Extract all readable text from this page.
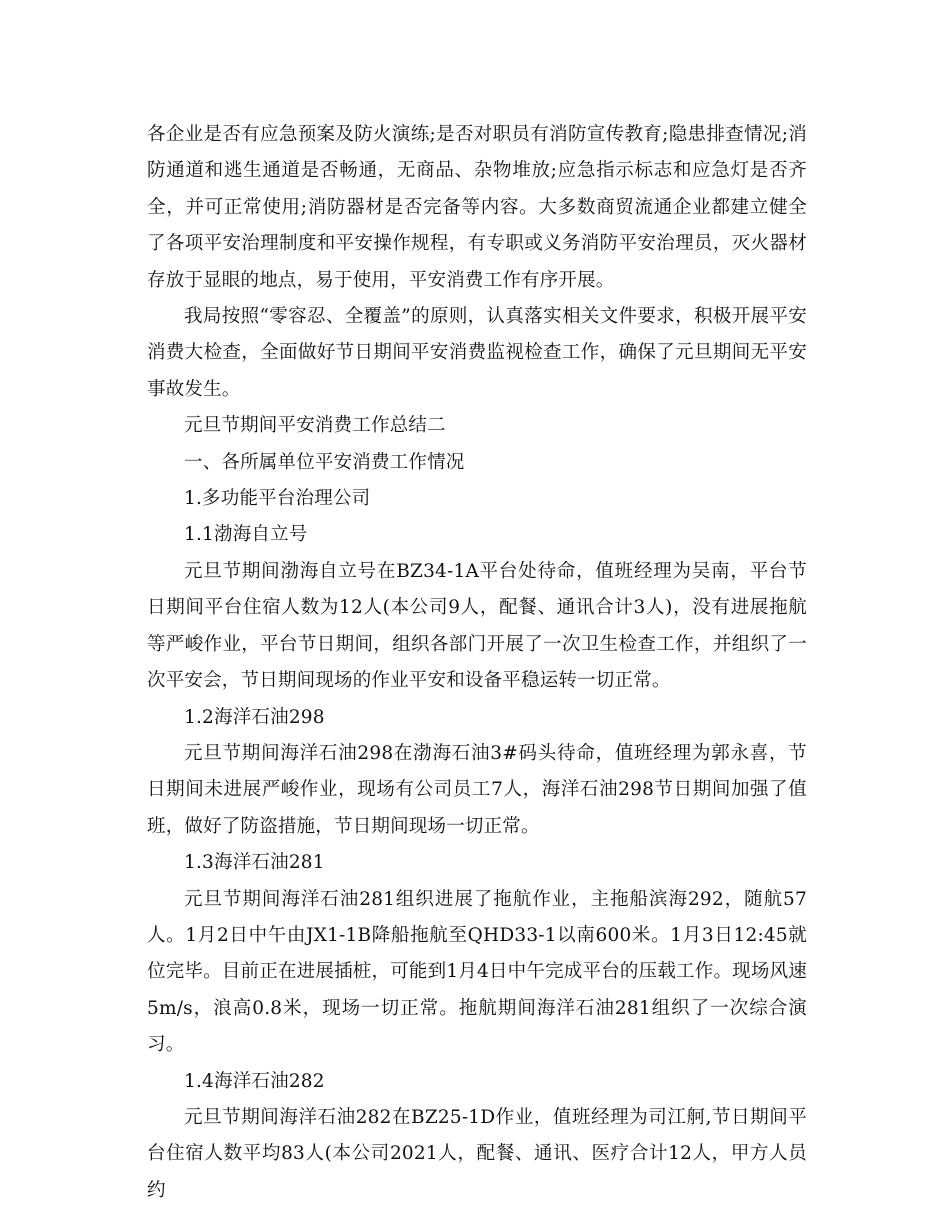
各企业是否有应急预案及防火演练;是否对职员有消防宣传教育;隐患排查情况;消防通道和逃生通道是否畅通，无商品、杂物堆放;应急指示标志和应急灯是否齐全，并可正常使用;消防器材是否完备等内容。大多数商贸流通企业都建立健全了各项平安治理制度和平安操作规程，有专职或义务消防平安治理员，灭火器材存放于显眼的地点，易于使用，平安消费工作有序开展。

我局按照“零容忍、全覆盖”的原则，认真落实相关文件要求，积极开展平安消费大检查，全面做好节日期间平安消费监视检查工作，确保了元旦期间无平安事故发生。

元旦节期间平安消费工作总结二

一、各所属单位平安消费工作情况

1.多功能平台治理公司

1.1渤海自立号

元旦节期间渤海自立号在BZ34-1A平台处待命，值班经理为吴南，平台节日期间平台住宿人数为12人(本公司9人，配餐、通讯合计3人)，没有进展拖航等严峻作业，平台节日期间，组织各部门开展了一次卫生检查工作，并组织了一次平安会，节日期间现场的作业平安和设备平稳运转一切正常。

1.2海洋石油298

元旦节期间海洋石油298在渤海石油3#码头待命，值班经理为郭永喜，节日期间未进展严峻作业，现场有公司员工7人，海洋石油298节日期间加强了值班，做好了防盗措施，节日期间现场一切正常。

1.3海洋石油281

元旦节期间海洋石油281组织进展了拖航作业，主拖船滨海292，随航57人。1月2日中午由JX1-1B降船拖航至QHD33-1以南600米。1月3日12:45就位完毕。目前正在进展插桩，可能到1月4日中午完成平台的压载工作。现场风速5m/s，浪高0.8米，现场一切正常。拖航期间海洋石油281组织了一次综合演习。

1.4海洋石油282

元旦节期间海洋石油282在BZ25-1D作业，值班经理为司江舸,节日期间平台住宿人数平均83人(本公司2021人，配餐、通讯、医疗合计12人，甲方人员约
